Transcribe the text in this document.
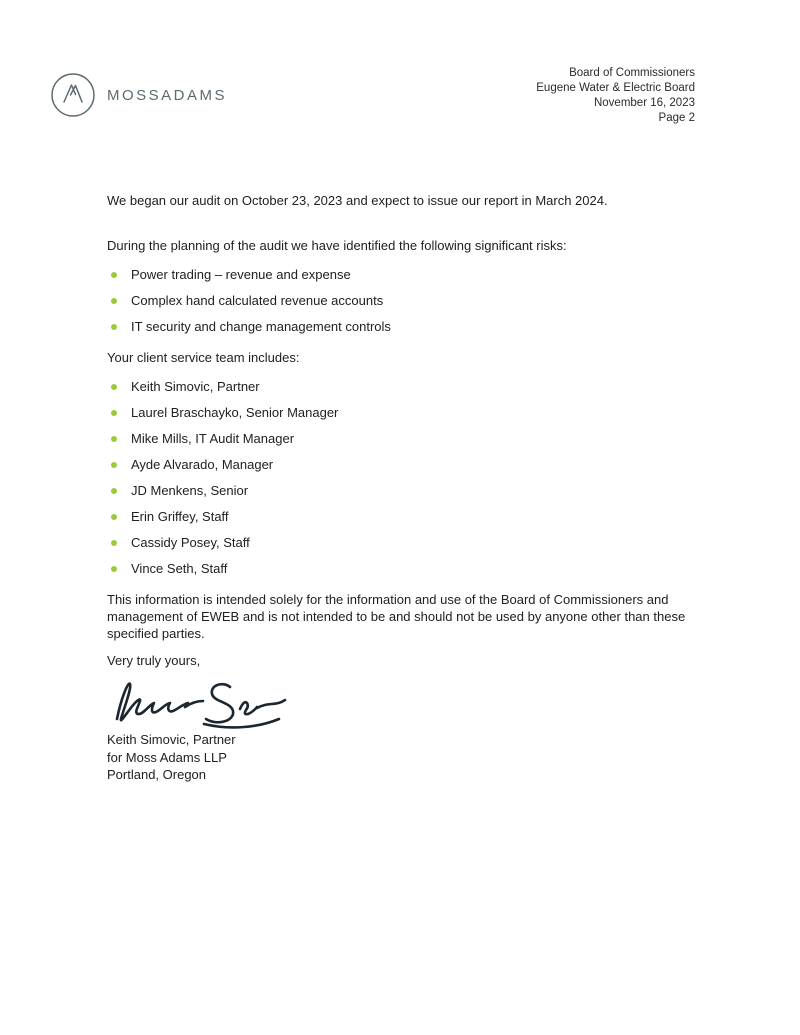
MOSSADAMS
Board of Commissioners
Eugene Water & Electric Board
November 16, 2023
Page 2

We began our audit on October 23, 2023 and expect to issue our report in March 2024.

During the planning of the audit we have identified the following significant risks:

Power trading – revenue and expense
Complex hand calculated revenue accounts
IT security and change management controls

Your client service team includes:

Keith Simovic, Partner
Laurel Braschayko, Senior Manager
Mike Mills, IT Audit Manager
Ayde Alvarado, Manager
JD Menkens, Senior
Erin Griffey, Staff
Cassidy Posey, Staff
Vince Seth, Staff

This information is intended solely for the information and use of the Board of Commissioners and management of EWEB and is not intended to be and should not be used by anyone other than these specified parties.

Very truly yours,

Keith Simovic, Partner
for Moss Adams LLP
Portland, Oregon
